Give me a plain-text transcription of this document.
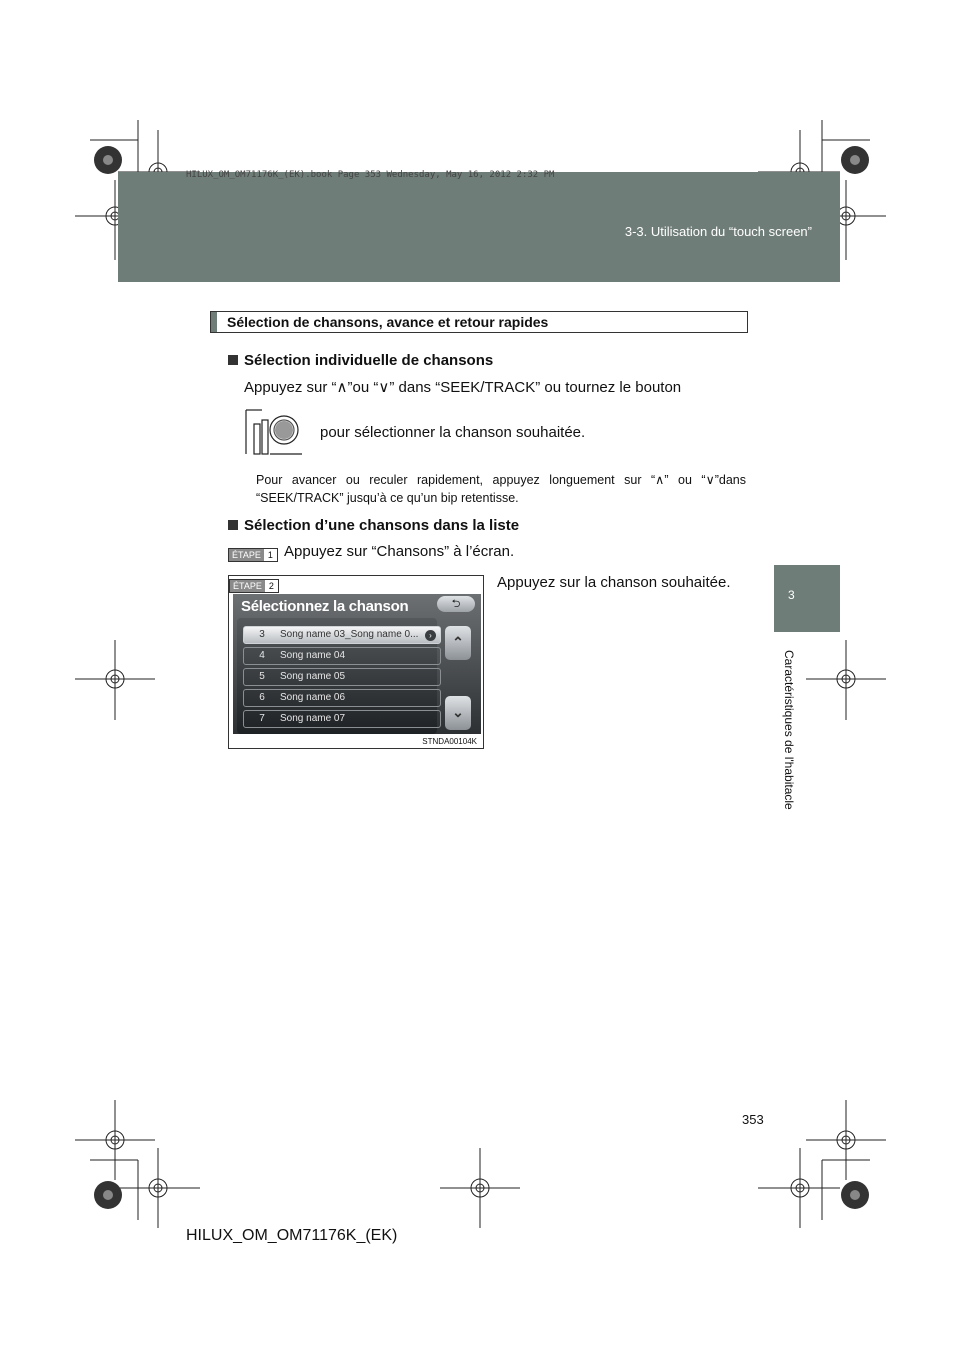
HILUX_OM_OM71176K_(EK).book Page 353 Wednesday, May 16, 2012 2:32 PM
3-3. Utilisation du “touch screen”
3
Caractéristiques de l'habitacle
Sélection de chansons, avance et retour rapides
Sélection individuelle de chansons
Appuyez sur “∧”ou “∨” dans “SEEK/TRACK” ou tournez le bouton
pour sélectionner la chanson souhaitée.
Pour avancer ou reculer rapidement, appuyez longuement sur “∧” ou “∨”dans “SEEK/TRACK” jusqu’à ce qu’un bip retentisse.
Sélection d’une chansons dans la liste
ÉTAPE 1 Appuyez sur “Chansons” à l’écran.
ÉTAPE 2
Sélectionnez la chanson	⮌
3 Song name 03_Song name 0...	›
4 Song name 04
5 Song name 05
6 Song name 06
7 Song name 07
⌃
⌄
STNDA00104K
Appuyez sur la chanson souhaitée.
353
HILUX_OM_OM71176K_(EK)
